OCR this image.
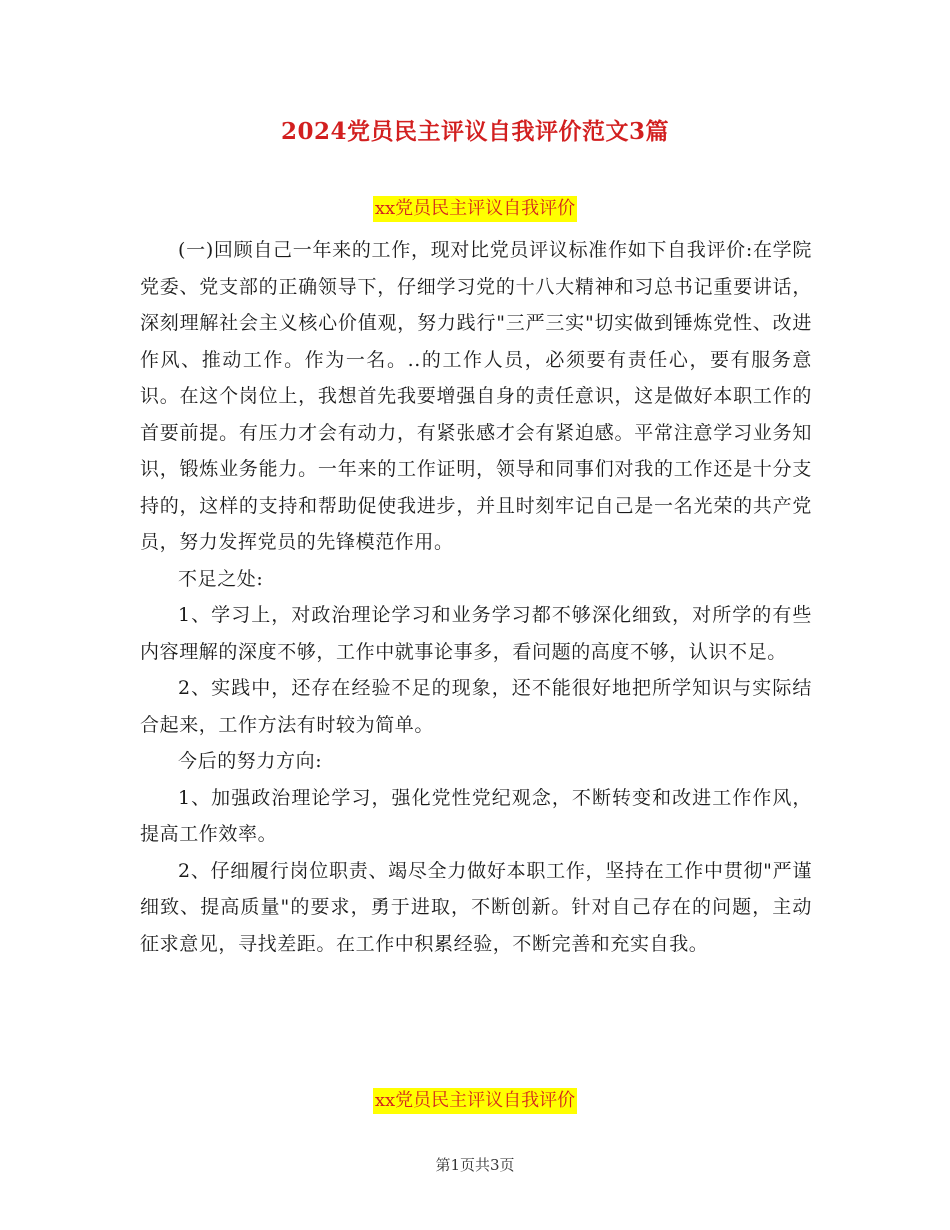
2024党员民主评议自我评价范文3篇
xx党员民主评议自我评价

(一)回顾自己一年来的工作，现对比党员评议标准作如下自我评价:在学院党委、党支部的正确领导下，仔细学习党的十八大精神和习总书记重要讲话，深刻理解社会主义核心价值观，努力践行"三严三实"切实做到锤炼党性、改进作风、推动工作。作为一名。..的工作人员，必须要有责任心，要有服务意识。在这个岗位上，我想首先我要增强自身的责任意识，这是做好本职工作的首要前提。有压力才会有动力，有紧张感才会有紧迫感。平常注意学习业务知识，锻炼业务能力。一年来的工作证明，领导和同事们对我的工作还是十分支持的，这样的支持和帮助促使我进步，并且时刻牢记自己是一名光荣的共产党员，努力发挥党员的先锋模范作用。

不足之处:

1、学习上，对政治理论学习和业务学习都不够深化细致，对所学的有些内容理解的深度不够，工作中就事论事多，看问题的高度不够，认识不足。

2、实践中，还存在经验不足的现象，还不能很好地把所学知识与实际结合起来，工作方法有时较为简单。

今后的努力方向:

1、加强政治理论学习，强化党性党纪观念，不断转变和改进工作作风，提高工作效率。

2、仔细履行岗位职责、竭尽全力做好本职工作，坚持在工作中贯彻"严谨细致、提高质量"的要求，勇于进取，不断创新。针对自己存在的问题，主动征求意见，寻找差距。在工作中积累经验，不断完善和充实自我。

xx党员民主评议自我评价
第1页共3页
